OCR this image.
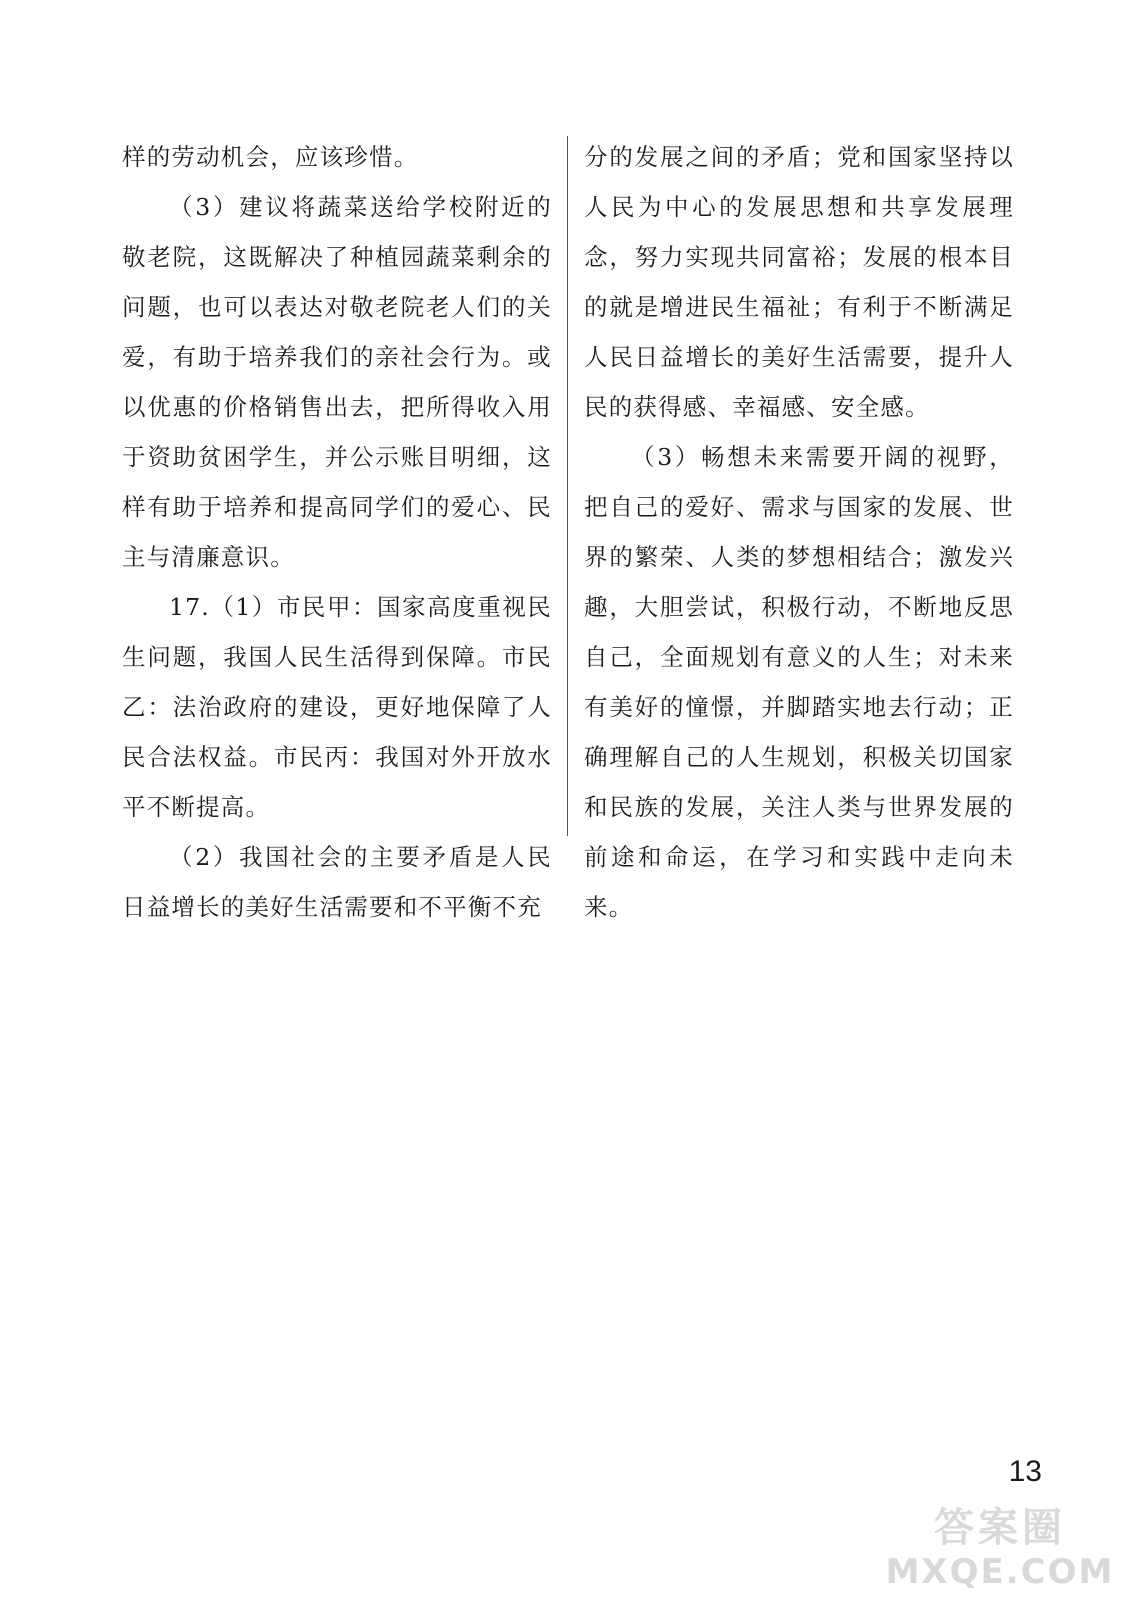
样的劳动机会，应该珍惜。

（3）建议将蔬菜送给学校附近的敬老院，这既解决了种植园蔬菜剩余的问题，也可以表达对敬老院老人们的关爱，有助于培养我们的亲社会行为。或以优惠的价格销售出去，把所得收入用于资助贫困学生，并公示账目明细，这样有助于培养和提高同学们的爱心、民主与清廉意识。

17.（1）市民甲：国家高度重视民生问题，我国人民生活得到保障。市民乙：法治政府的建设，更好地保障了人民合法权益。市民丙：我国对外开放水平不断提高。

（2）我国社会的主要矛盾是人民日益增长的美好生活需要和不平衡不充

分的发展之间的矛盾；党和国家坚持以人民为中心的发展思想和共享发展理念，努力实现共同富裕；发展的根本目的就是增进民生福祉；有利于不断满足人民日益增长的美好生活需要，提升人民的获得感、幸福感、安全感。

（3）畅想未来需要开阔的视野，把自己的爱好、需求与国家的发展、世界的繁荣、人类的梦想相结合；激发兴趣，大胆尝试，积极行动，不断地反思自己，全面规划有意义的人生；对未来有美好的憧憬，并脚踏实地去行动；正确理解自己的人生规划，积极关切国家和民族的发展，关注人类与世界发展的前途和命运，在学习和实践中走向未来。

13
答案圈
MXQE.COM
